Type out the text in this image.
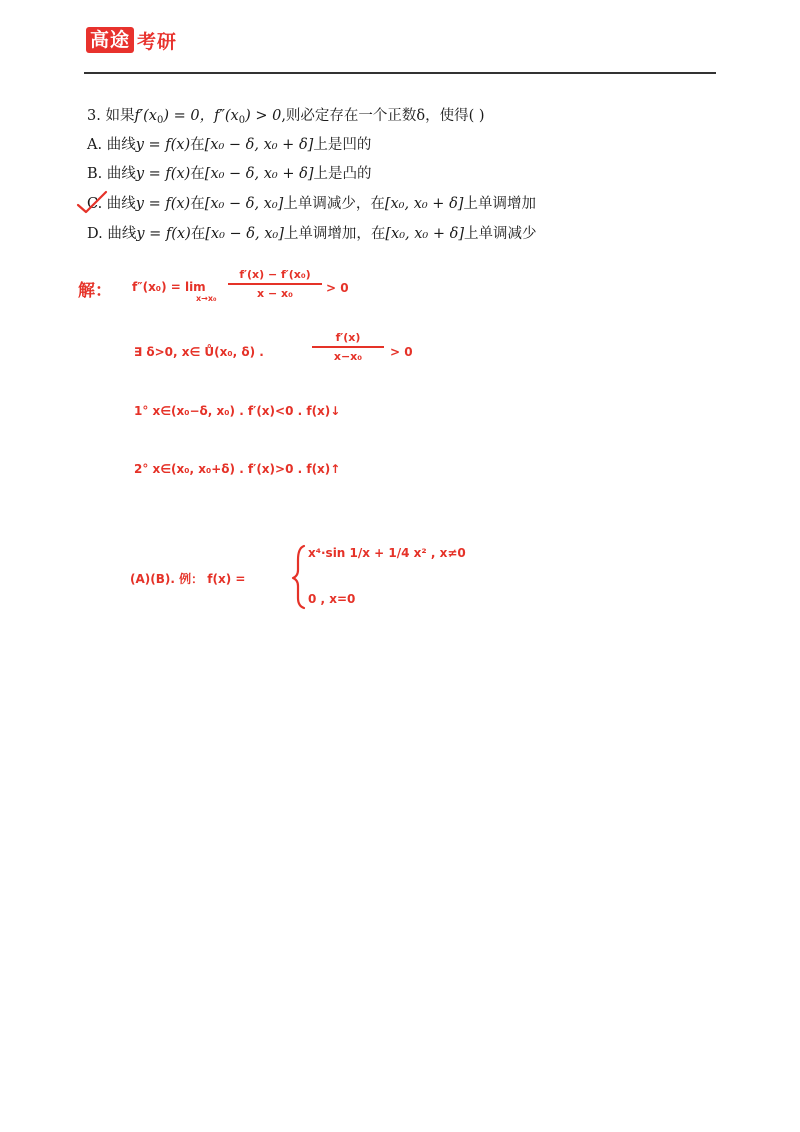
高途 考研
3. 如果$f'(x_0) = 0$，$f''(x_0) > 0$,则必定存在一个正数δ，使得( )
A. 曲线y = f(x)在[x₀ − δ, x₀ + δ]上是凹的
B. 曲线y = f(x)在[x₀ − δ, x₀ + δ]上是凸的
C. 曲线y = f(x)在[x₀ − δ, x₀]上单调减少，在[x₀, x₀ + δ]上单调增加
D. 曲线y = f(x)在[x₀ − δ, x₀]上单调增加，在[x₀, x₀ + δ]上单调减少
解： f″(x₀) = lim
x→x₀
f′(x) − f′(x₀)
x − x₀	> 0
∃ δ>0, x∈ Ů(x₀, δ) .
f′(x)
x−x₀ > 0
1° x∈(x₀−δ, x₀) . f′(x)<0 . f(x)↓
2° x∈(x₀, x₀+δ) . f′(x)>0 . f(x)↑
(A)(B). 例： f(x) =
x⁴·sin 1/x + 1/4 x² , x≠0
0 , x=0
